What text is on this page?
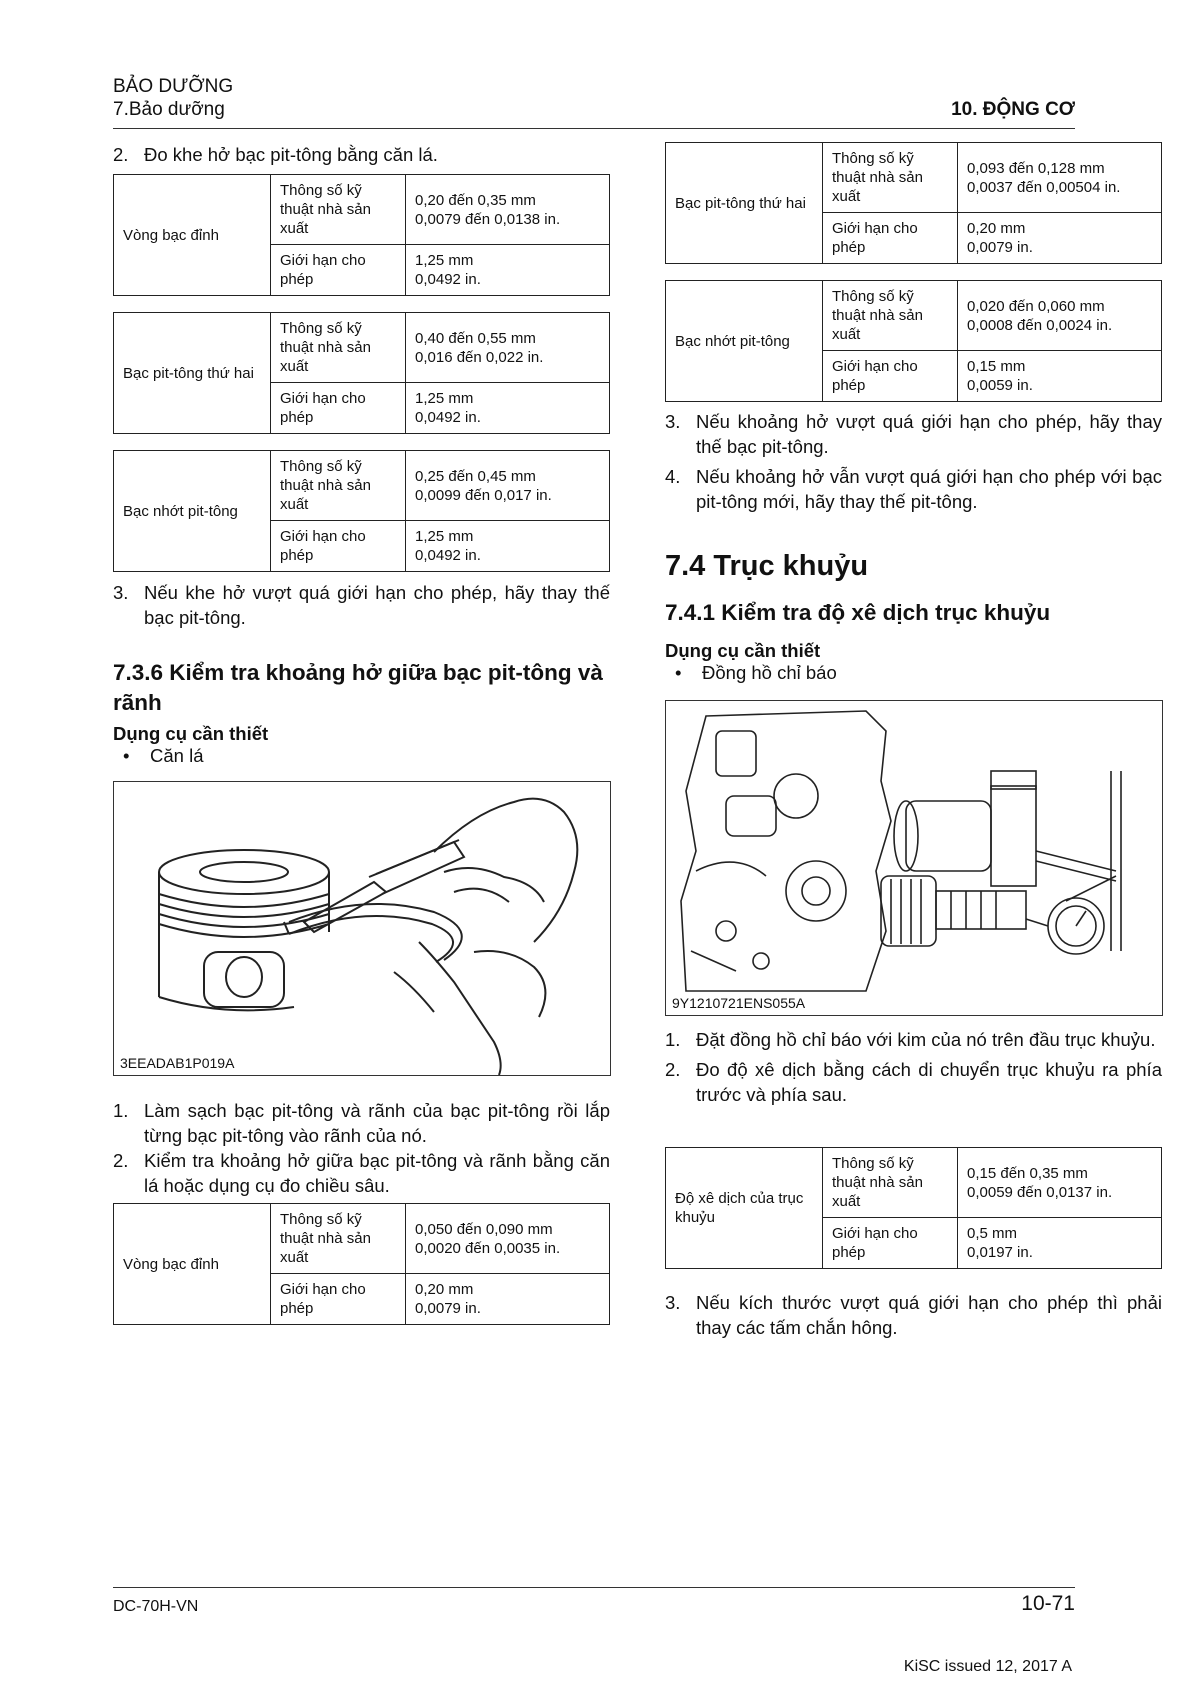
BẢO DƯỠNG
7.Bảo dưỡng	10. ĐỘNG CƠ

2. Đo khe hở bạc pit-tông bằng căn lá.

Vòng bạc đỉnh	Thông số kỹ thuật nhà sản xuất	0,20 đến 0,35 mm
0,0079 đến 0,0138 in.
	Giới hạn cho phép	1,25 mm
0,0492 in.
Bạc pit-tông thứ hai	Thông số kỹ thuật nhà sản xuất	0,40 đến 0,55 mm
0,016 đến 0,022 in.
	Giới hạn cho phép	1,25 mm
0,0492 in.
Bạc nhớt pit-tông	Thông số kỹ thuật nhà sản xuất	0,25 đến 0,45 mm
0,0099 đến 0,017 in.
	Giới hạn cho phép	1,25 mm
0,0492 in.

3. Nếu khe hở vượt quá giới hạn cho phép, hãy thay thế bạc pit-tông.

7.3.6 Kiểm tra khoảng hở giữa bạc pit-tông và rãnh
Dụng cụ cần thiết
• Căn lá
3EEADAB1P019A

1. Làm sạch bạc pit-tông và rãnh của bạc pit-tông rồi lắp từng bạc pit-tông vào rãnh của nó.

2. Kiểm tra khoảng hở giữa bạc pit-tông và rãnh bằng căn lá hoặc dụng cụ đo chiều sâu.

Vòng bạc đỉnh	Thông số kỹ thuật nhà sản xuất	0,050 đến 0,090 mm
0,0020 đến 0,0035 in.
	Giới hạn cho phép	0,20 mm
0,0079 in.
Bạc pit-tông thứ hai	Thông số kỹ thuật nhà sản xuất	0,093 đến 0,128 mm
0,0037 đến 0,00504 in.
	Giới hạn cho phép	0,20 mm
0,0079 in.
Bạc nhớt pit-tông	Thông số kỹ thuật nhà sản xuất	0,020 đến 0,060 mm
0,0008 đến 0,0024 in.
	Giới hạn cho phép	0,15 mm
0,0059 in.

3. Nếu khoảng hở vượt quá giới hạn cho phép, hãy thay thế bạc pit-tông.

4. Nếu khoảng hở vẫn vượt quá giới hạn cho phép với bạc pit-tông mới, hãy thay thế pit-tông.

7.4 Trục khuỷu
7.4.1 Kiểm tra độ xê dịch trục khuỷu
Dụng cụ cần thiết
• Đồng hồ chỉ báo
9Y1210721ENS055A

1. Đặt đồng hồ chỉ báo với kim của nó trên đầu trục khuỷu.

2. Đo độ xê dịch bằng cách di chuyển trục khuỷu ra phía trước và phía sau.

Độ xê dịch của trục khuỷu	Thông số kỹ thuật nhà sản xuất	0,15 đến 0,35 mm
0,0059 đến 0,0137 in.
	Giới hạn cho phép	0,5 mm
0,0197 in.

3. Nếu kích thước vượt quá giới hạn cho phép thì phải thay các tấm chắn hông.

DC-70H-VN	10-71
KiSC issued 12, 2017 A
